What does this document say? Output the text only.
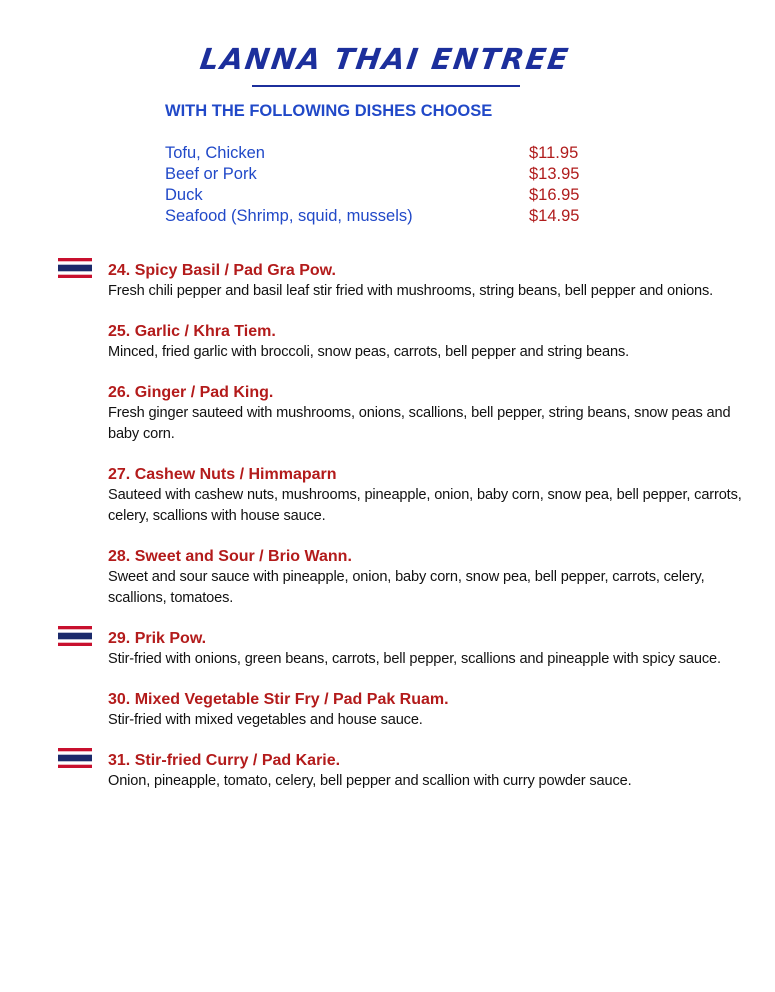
LANNA THAI ENTREE
WITH THE FOLLOWING DISHES CHOOSE
Tofu, Chicken	$11.95
Beef or Pork	$13.95
Duck	$16.95
Seafood (Shrimp, squid, mussels)	$14.95
24. Spicy Basil / Pad Gra Pow.
Fresh chili pepper and basil leaf stir fried with mushrooms, string beans, bell pepper and onions.
25. Garlic / Khra Tiem.
Minced, fried garlic with broccoli, snow peas, carrots, bell pepper and string beans.
26. Ginger / Pad King.
Fresh ginger sauteed with mushrooms, onions, scallions, bell pepper, string beans, snow peas and baby corn.
27. Cashew Nuts / Himmaparn
Sauteed with cashew nuts, mushrooms, pineapple, onion, baby corn, snow pea, bell pepper, carrots, celery, scallions with house sauce.
28. Sweet and Sour / Brio Wann.
Sweet and sour sauce with pineapple, onion, baby corn, snow pea, bell pepper, carrots, celery, scallions, tomatoes.
29. Prik Pow.
Stir-fried with onions, green beans, carrots, bell pepper, scallions and pineapple with spicy sauce.
30. Mixed Vegetable Stir Fry / Pad Pak Ruam.
Stir-fried with mixed vegetables and house sauce.
31. Stir-fried Curry / Pad Karie.
Onion, pineapple, tomato, celery, bell pepper and scallion with curry powder sauce.
